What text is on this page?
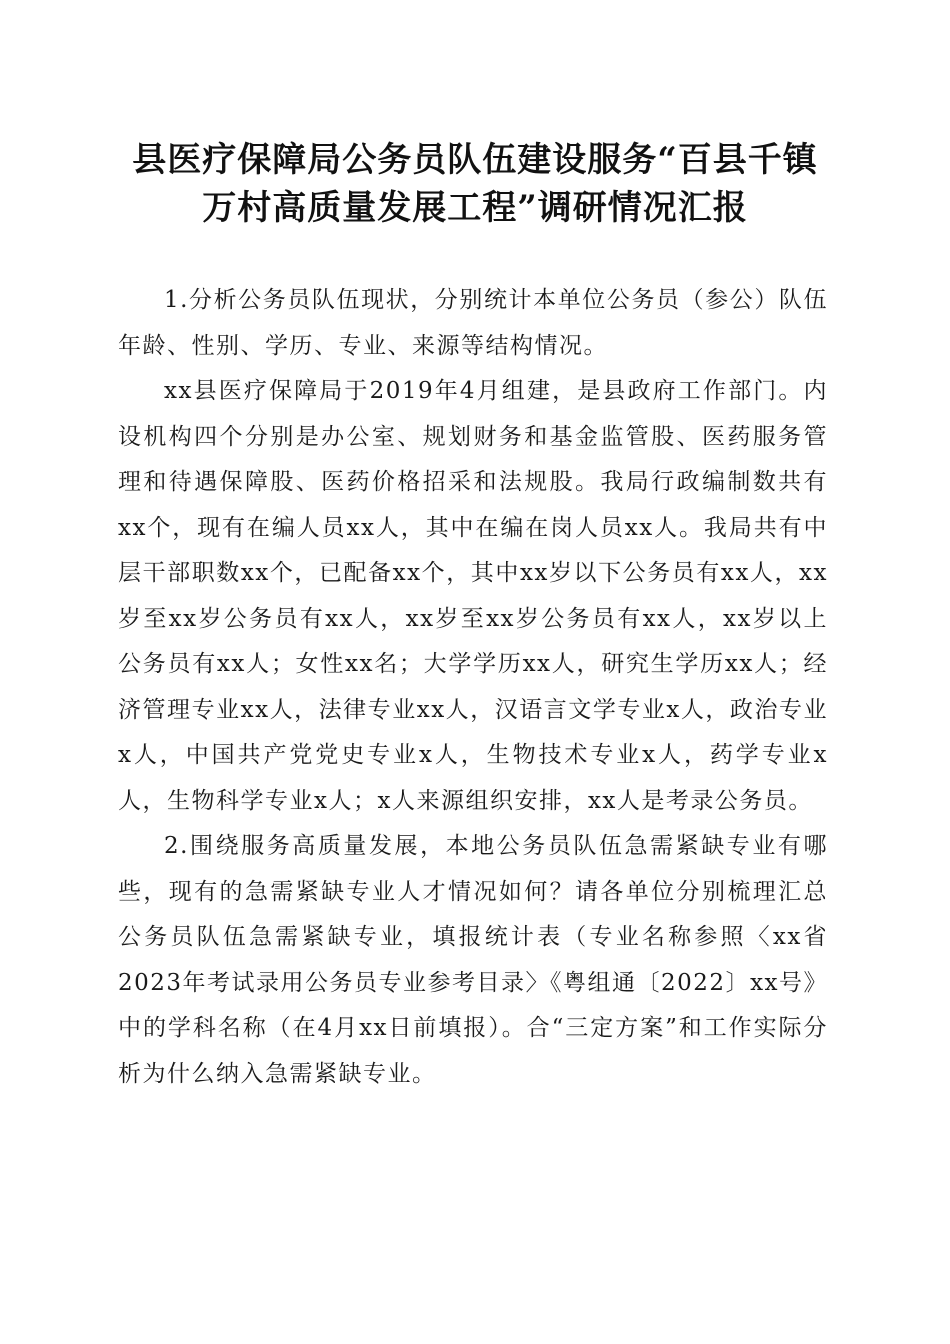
县医疗保障局公务员队伍建设服务“百县千镇
万村高质量发展工程”调研情况汇报

1.分析公务员队伍现状，分别统计本单位公务员（参公）队伍年龄、性别、学历、专业、来源等结构情况。

xx县医疗保障局于2019年4月组建，是县政府工作部门。内设机构四个分别是办公室、规划财务和基金监管股、医药服务管理和待遇保障股、医药价格招采和法规股。我局行政编制数共有xx个，现有在编人员xx人，其中在编在岗人员xx人。我局共有中层干部职数xx个，已配备xx个，其中xx岁以下公务员有xx人，xx岁至xx岁公务员有xx人，xx岁至xx岁公务员有xx人，xx岁以上公务员有xx人；女性xx名；大学学历xx人，研究生学历xx人；经济管理专业xx人，法律专业xx人，汉语言文学专业x人，政治专业x人，中国共产党党史专业x人，生物技术专业x人，药学专业x人，生物科学专业x人；x人来源组织安排，xx人是考录公务员。

2.围绕服务高质量发展，本地公务员队伍急需紧缺专业有哪些，现有的急需紧缺专业人才情况如何？请各单位分别梳理汇总公务员队伍急需紧缺专业，填报统计表（专业名称参照〈xx省2023年考试录用公务员专业参考目录〉《粤组通〔2022〕xx号》中的学科名称（在4月xx日前填报）。合“三定方案”和工作实际分析为什么纳入急需紧缺专业。
